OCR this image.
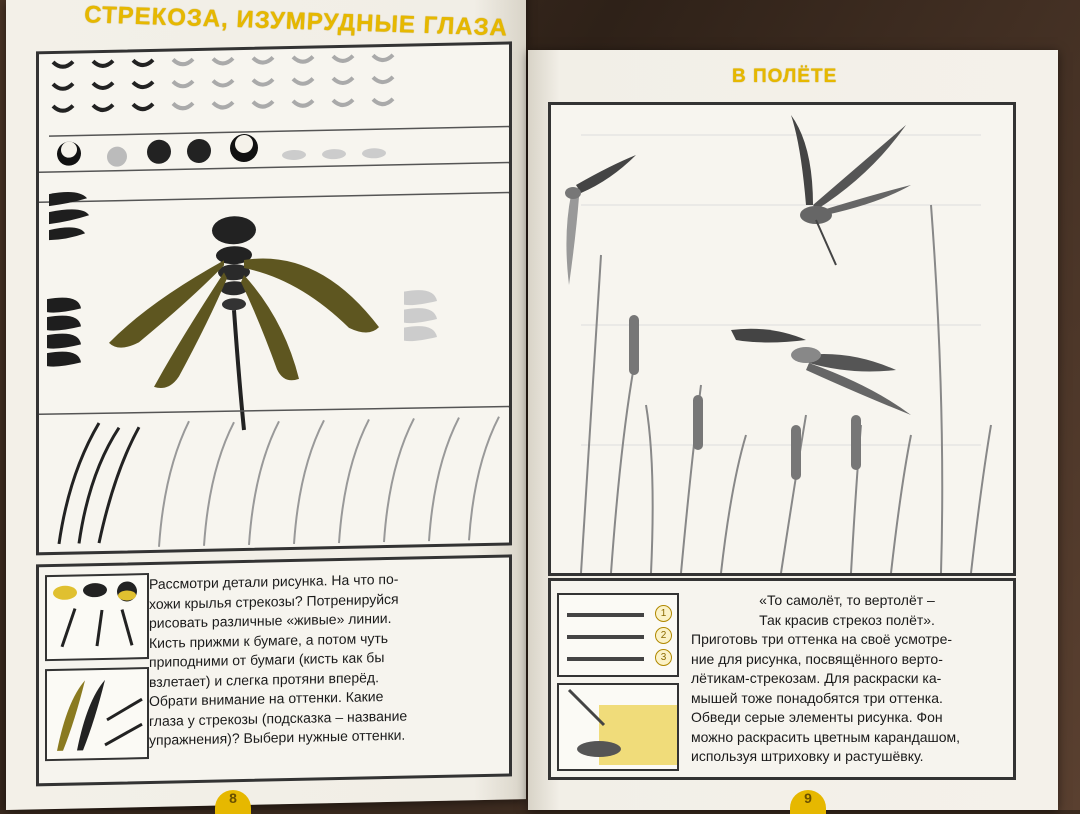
СТРЕКОЗА, ИЗУМРУДНЫЕ ГЛАЗА
Рассмотри детали рисунка. На что по-
хожи крылья стрекозы? Потренируйся
рисовать различные «живые» линии.
Кисть прижми к бумаге, а потом чуть
приподними от бумаги (кисть как бы
взлетает) и слегка протяни вперёд.
Обрати внимание на оттенки. Какие
глаза у стрекозы (подсказка – название
упражнения)? Выбери нужные оттенки.
8
В ПОЛЁТЕ
1
2
3
«То самолёт, то вертолёт –
Так красив стрекоз полёт».
Приготовь три оттенка на своё усмотре-
ние для рисунка, посвящённого верто-
лётикам-стрекозам. Для раскраски ка-
мышей тоже понадобятся три оттенка.
Обведи серые элементы рисунка. Фон
можно раскрасить цветным карандашом,
используя штриховку и растушёвку.
9
